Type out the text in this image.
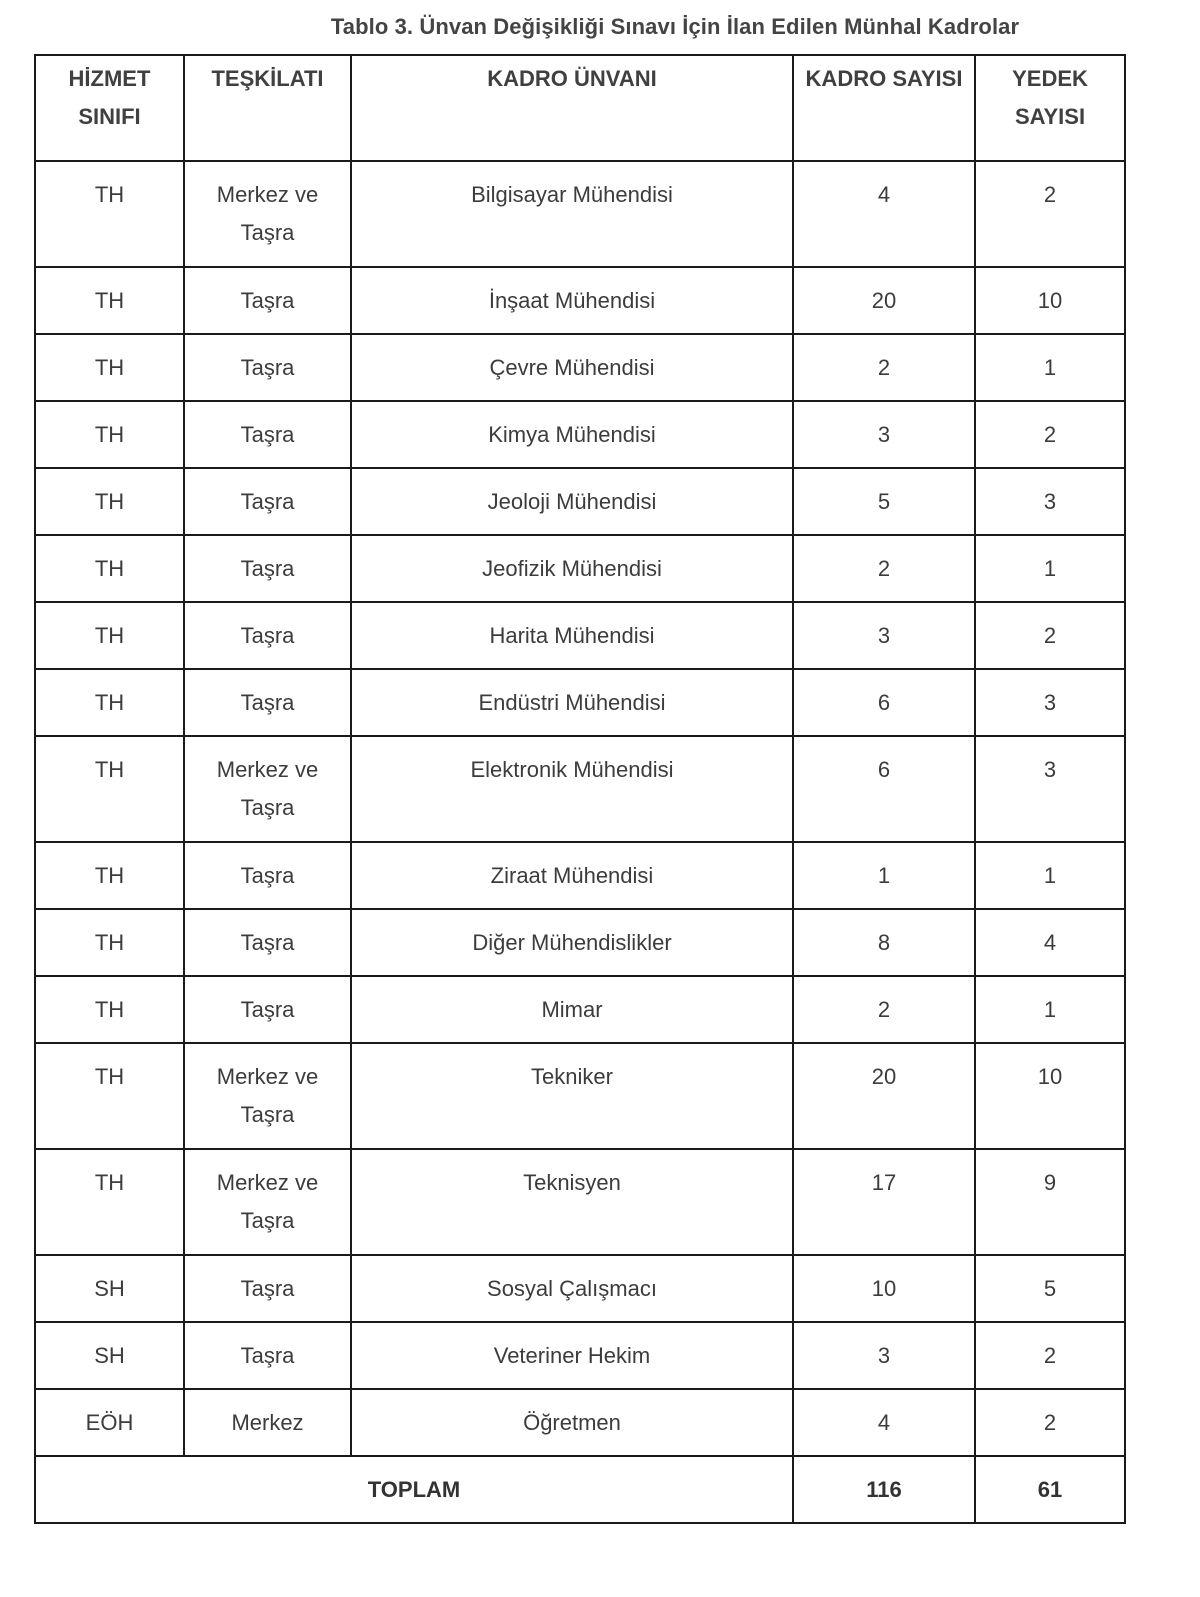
Tablo 3. Ünvan Değişikliği Sınavı İçin İlan Edilen Münhal Kadrolar
HİZMET SINIFI	TEŞKİLATI	KADRO ÜNVANI	KADRO SAYISI	YEDEK SAYISI
TH	Merkez ve Taşra	Bilgisayar Mühendisi	4	2
TH	Taşra	İnşaat Mühendisi	20	10
TH	Taşra	Çevre Mühendisi	2	1
TH	Taşra	Kimya Mühendisi	3	2
TH	Taşra	Jeoloji Mühendisi	5	3
TH	Taşra	Jeofizik Mühendisi	2	1
TH	Taşra	Harita Mühendisi	3	2
TH	Taşra	Endüstri Mühendisi	6	3
TH	Merkez ve Taşra	Elektronik Mühendisi	6	3
TH	Taşra	Ziraat Mühendisi	1	1
TH	Taşra	Diğer Mühendislikler	8	4
TH	Taşra	Mimar	2	1
TH	Merkez ve Taşra	Tekniker	20	10
TH	Merkez ve Taşra	Teknisyen	17	9
SH	Taşra	Sosyal Çalışmacı	10	5
SH	Taşra	Veteriner Hekim	3	2
EÖH	Merkez	Öğretmen	4	2
TOPLAM			116	61
